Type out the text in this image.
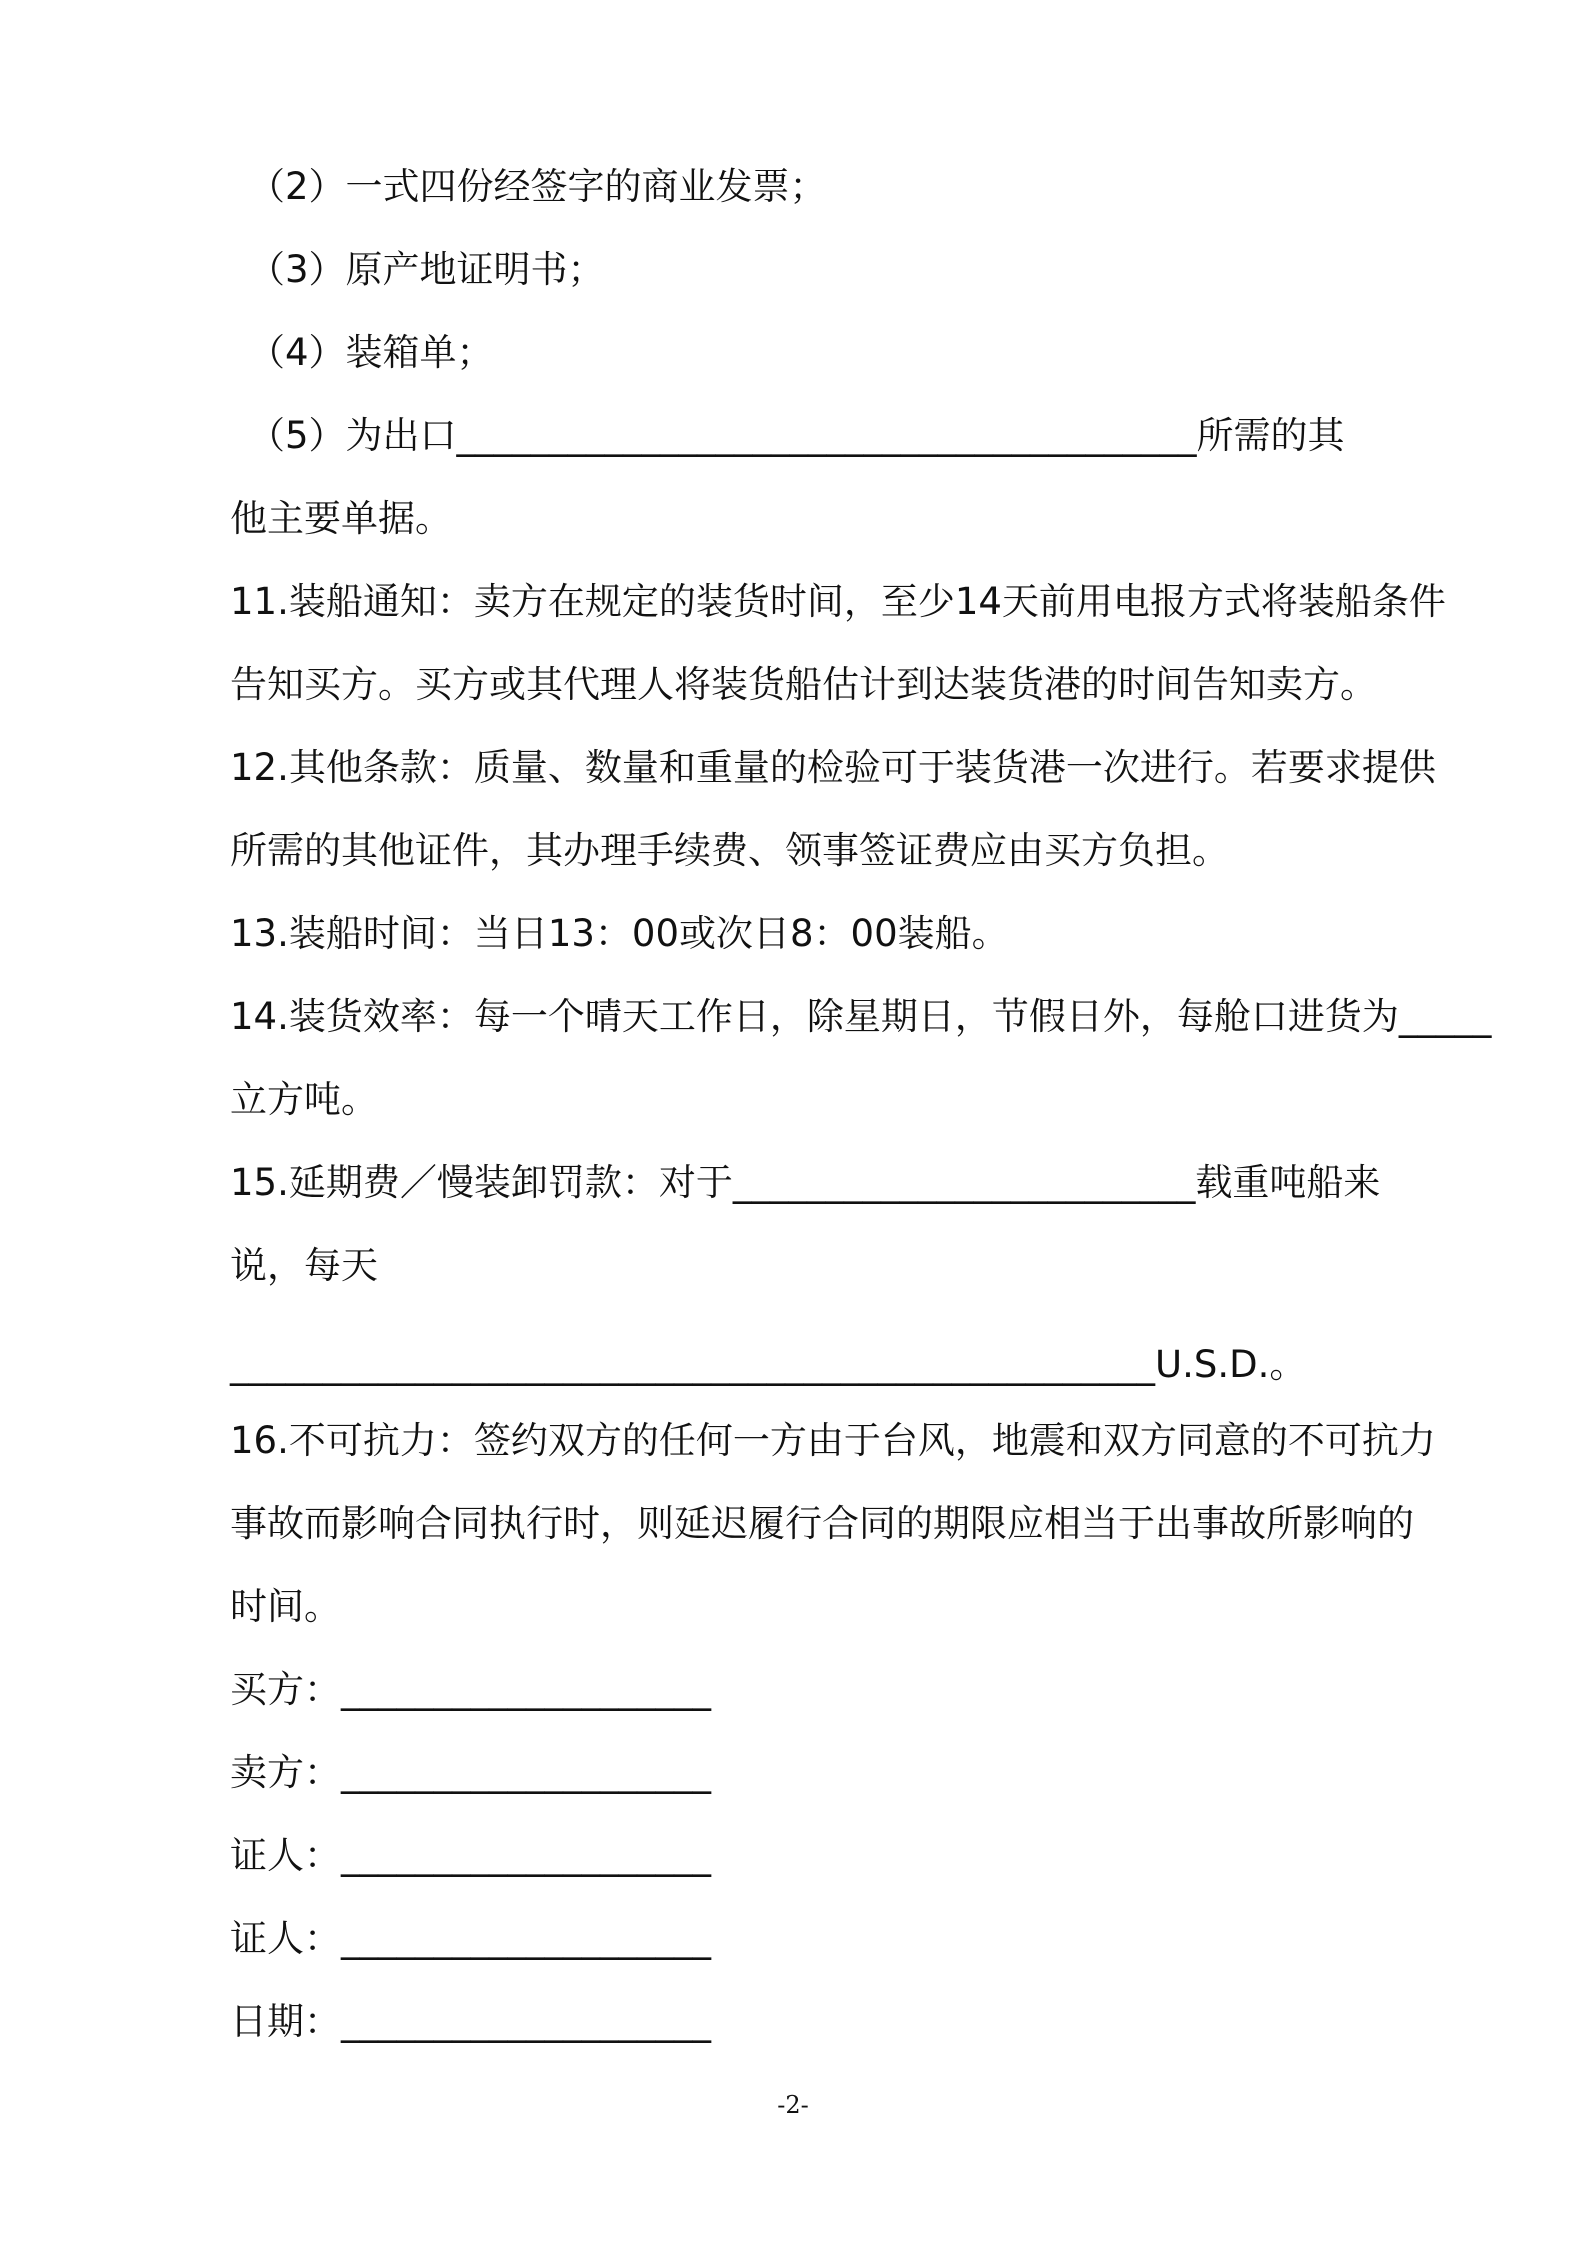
（2）一式四份经签字的商业发票；
（3）原产地证明书；
（4）装箱单；
（5）为出口________________________________________所需的其
他主要单据。
11.装船通知：卖方在规定的装货时间，至少14天前用电报方式将装船条件
告知买方。买方或其代理人将装货船估计到达装货港的时间告知卖方。
12.其他条款：质量、数量和重量的检验可于装货港一次进行。若要求提供
所需的其他证件，其办理手续费、领事签证费应由买方负担。
13.装船时间：当日13：00或次日8：00装船。
14.装货效率：每一个晴天工作日，除星期日，节假日外，每舱口进货为_____
立方吨。
15.延期费／慢装卸罚款：对于_________________________载重吨船来
说，每天
__________________________________________________U.S.D.。
16.不可抗力：签约双方的任何一方由于台风，地震和双方同意的不可抗力
事故而影响合同执行时，则延迟履行合同的期限应相当于出事故所影响的
时间。
买方：____________________
卖方：____________________
证人：____________________
证人：____________________
日期：____________________
-2-
